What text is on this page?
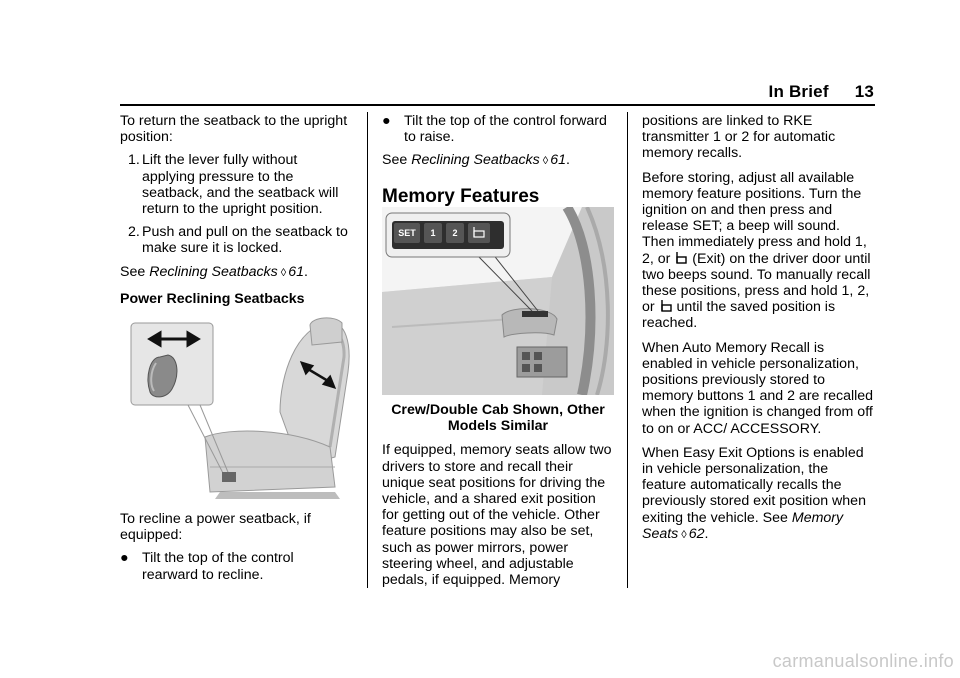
In Brief 13

To return the seatback to the upright position:

1. Lift the lever fully without applying pressure to the seatback, and the seatback will return to the upright position.
2. Push and pull on the seatback to make sure it is locked.

See Reclining Seatbacks ◊ 61.

Power Reclining Seatbacks

To recline a power seatback, if equipped:

● Tilt the top of the control rearward to recline.
● Tilt the top of the control forward to raise.

See Reclining Seatbacks ◊ 61.

Memory Features

SET	1	2

Crew/Double Cab Shown, Other Models Similar

If equipped, memory seats allow two drivers to store and recall their unique seat positions for driving the vehicle, and a shared exit position for getting out of the vehicle. Other feature positions may also be set, such as power mirrors, power steering wheel, and adjustable pedals, if equipped. Memory

positions are linked to RKE transmitter 1 or 2 for automatic memory recalls.

Before storing, adjust all available memory feature positions. Turn the ignition on and then press and release SET; a beep will sound. Then immediately press and hold 1, 2, or (Exit) on the driver door until two beeps sound. To manually recall these positions, press and hold 1, 2, or until the saved position is reached.

When Auto Memory Recall is enabled in vehicle personalization, positions previously stored to memory buttons 1 and 2 are recalled when the ignition is changed from off to on or ACC/ ACCESSORY.

When Easy Exit Options is enabled in vehicle personalization, the feature automatically recalls the previously stored exit position when exiting the vehicle. See Memory Seats ◊ 62.

carmanualsonline.info
